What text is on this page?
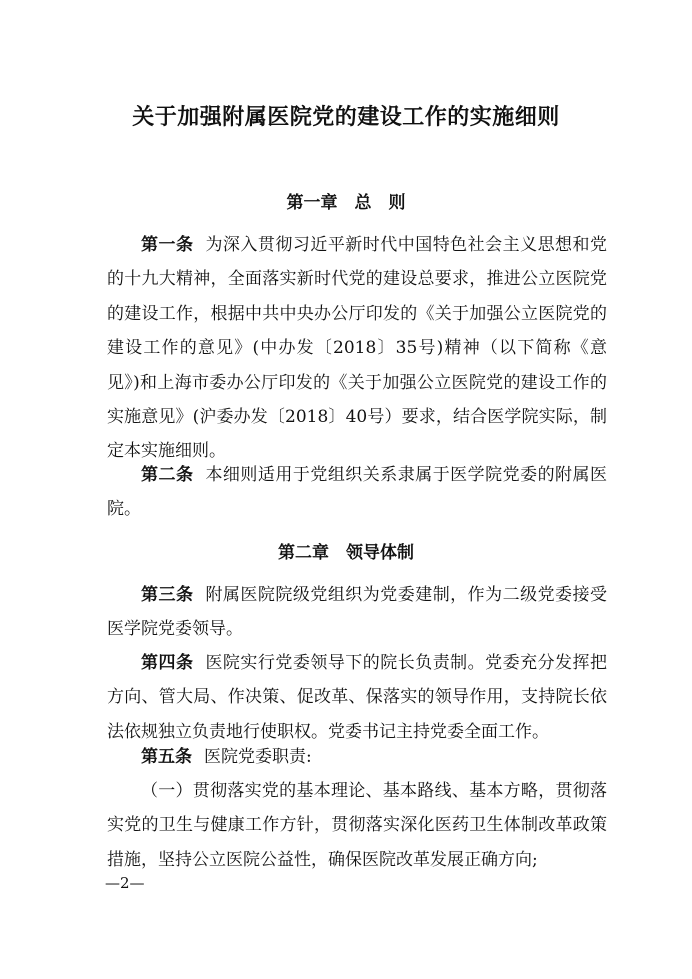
关于加强附属医院党的建设工作的实施细则
第一章　总　则

第一条 为深入贯彻习近平新时代中国特色社会主义思想和党的十九大精神，全面落实新时代党的建设总要求，推进公立医院党的建设工作，根据中共中央办公厅印发的《关于加强公立医院党的建设工作的意见》(中办发〔2018〕35号)精神（以下简称《意见》)和上海市委办公厅印发的《关于加强公立医院党的建设工作的实施意见》(沪委办发〔2018〕40号）要求，结合医学院实际，制定本实施细则。

第二条 本细则适用于党组织关系隶属于医学院党委的附属医院。

第二章　领导体制

第三条 附属医院院级党组织为党委建制，作为二级党委接受医学院党委领导。

第四条 医院实行党委领导下的院长负责制。党委充分发挥把方向、管大局、作决策、促改革、保落实的领导作用，支持院长依法依规独立负责地行使职权。党委书记主持党委全面工作。

第五条 医院党委职责:

（一）贯彻落实党的基本理论、基本路线、基本方略，贯彻落实党的卫生与健康工作方针，贯彻落实深化医药卫生体制改革政策措施，坚持公立医院公益性，确保医院改革发展正确方向;

—2—
